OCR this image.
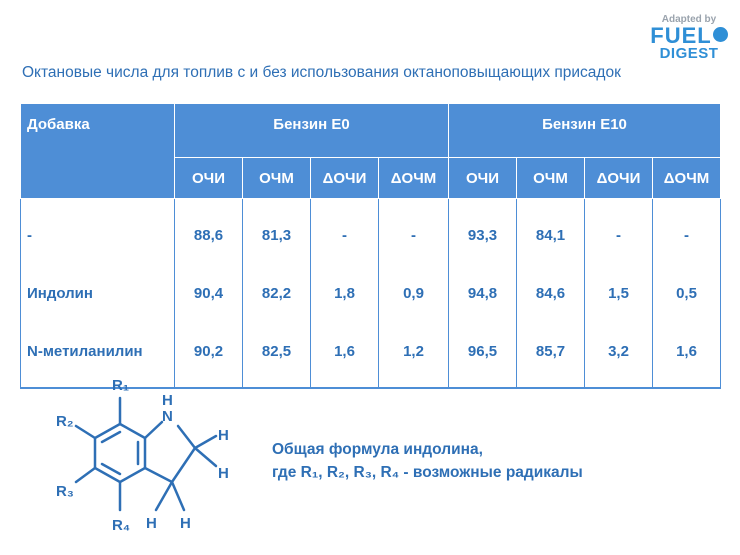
Adapted by
FUEL
DIGEST
Октановые числа для топлив с и без использования октаноповыщающих присадок
Добавка	Бензин Е0				Бензин Е10			
	ОЧИ	ОЧМ	ΔОЧИ	ΔОЧМ	ОЧИ	ОЧМ	ΔОЧИ	ΔОЧМ
-	88,6	81,3	-	-	93,3	84,1	-	-
Индолин	90,4	82,2	1,8	0,9	94,8	84,6	1,5	0,5
N-метиланилин	90,2	82,5	1,6	1,2	96,5	85,7	3,2	1,6
R₁
R₂
R₃
R₄
H
N
H
H
H H
Общая формула индолина,
где R₁, R₂, R₃, R₄ - возможные радикалы
